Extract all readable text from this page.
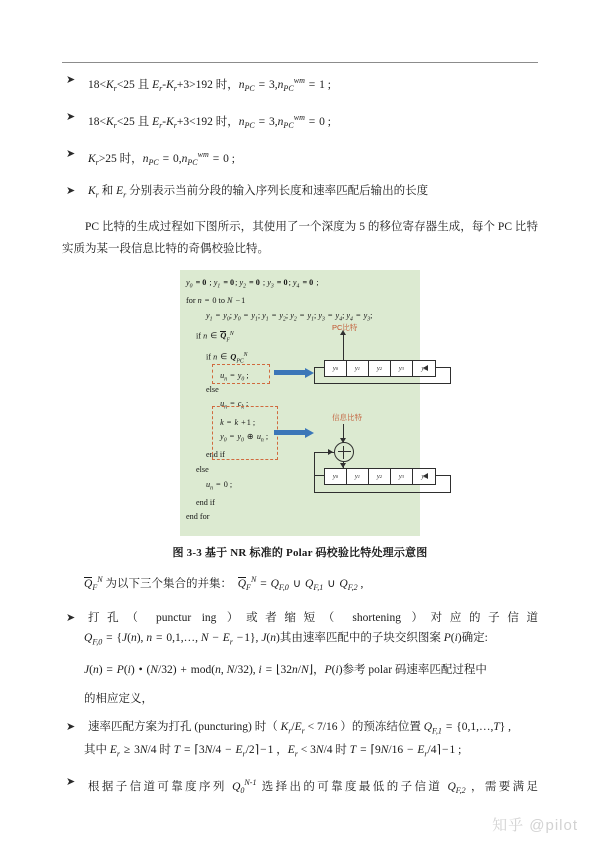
➤	$18<K_r<25$ 且 $E_r-K_r+3>192$ 时，$n_{PC} = 3,n_{PC}^{wm} = 1$ ;
➤	$18<K_r<25$ 且 $E_r-K_r+3<192$ 时，$n_{PC} = 3,n_{PC}^{wm} = 0$ ;
➤	$K_r>25$ 时，$n_{PC} = 0,n_{PC}^{wm} = 0$ ;
➤	$K_r$ 和 $E_r$ 分别表示当前分段的输入序列长度和速率匹配后输出的长度
PC 比特的生成过程如下图所示，其使用了一个深度为 5 的移位寄存器生成，每个 PC 比特实质为某一段信息比特的奇偶校验比特。
$y_0 = 0$ ; $y_1 = 0$; $y_2 = 0$ ; $y_3 = 0$; $y_4 = 0$ ;
for n = 0 to N −1
$y_1 = y_0$; $y_0 = y_1$; $y_1 = y_2$; $y_2 = y_1$; $y_3 = y_4$; $y_4 = y_3$;
if n ∈ $Q_F^N$
if n ∈ $Q_{PC}^N$
$u_n = y_0$ ;
else
$u_n = c_k$ ;
k = k +1 ;
$y_0 = y_0$ ⊕ $u_n$ ;
end if
else
$u_n = 0$ ;
end if
end for
PC比特
y 0	y 1	y 2	y 3	y 4
信息比特
y 0	y 1	y 2	y 3	y 4
图 3-3 基于 NR 标准的 Polar 码校验比特处理示意图
$Q_F^N$ 为以下三个集合的并集：  $Q_F^N = Q_{F,0}$ ∪ $Q_{F,1}$ ∪ $Q_{F,2}$ ,
➤	打孔（ punctur ing ）或者缩短（ shortening ）对应的子信道
$Q_{F,0} = \{J(n)$, n = 0,1,…, $N - E_r -1$}, J(n)其由速率匹配中的子块交织图案 P(i)确定:
J(n) = P(i) • (N/32) + mod(n, N/32), i = ⌊32n/N⌋，P(i)参考 polar 码速率匹配过程中
的相应定义，
➤	速率匹配方案为打孔 (puncturing) 时（ $K_r/E_r < 7/16$ ）的预冻结位置 $Q_{F,1}$ = {0,1,…,T} ,
其中 $E_r \ge 3N/4$ 时 T = ⌈3N/4 − $E_r/2⌉-1$ ，$E_r < 3N/4$ 时 T = ⌈9N/16 − $E_r/4⌉-1$ ;
➤	根据子信道可靠度序列 $Q_0^{N-1}$ 选择出的可靠度最低的子信道 $Q_{F,2}$ ，需要满足
知乎 @pilot
